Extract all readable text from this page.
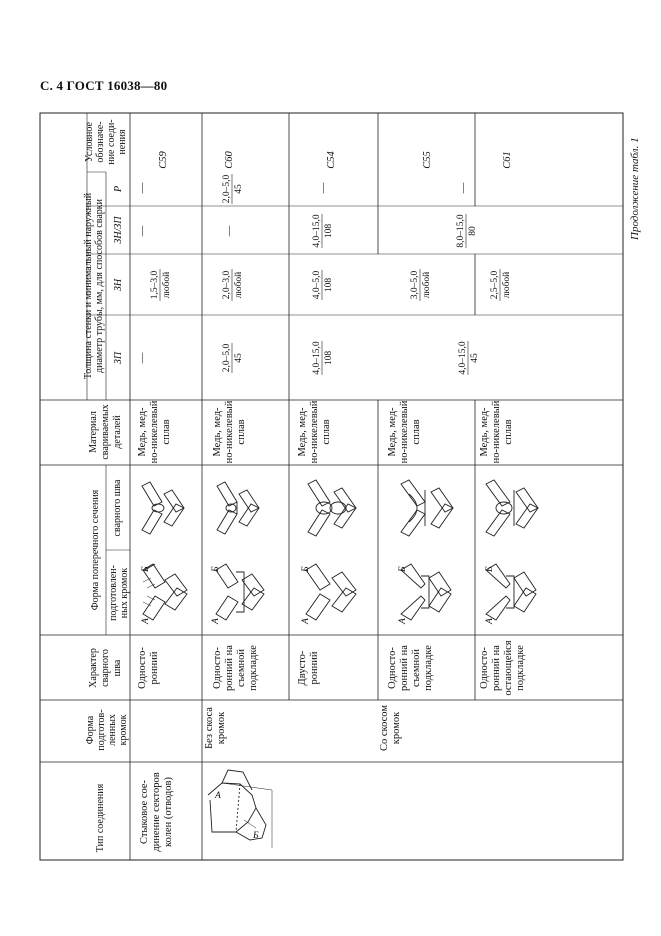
С. 4 ГОСТ 16038—80
Продолжение табл. 1
Тип соединения
Форма подготов- ленных кромок
Характер сварного шва
Форма поперечного сечения подготовлен- ных кромок
сварного шва
Материал свариваемых деталей
Толщина стенки и минимальный наружный диаметр трубы, мм, для способов сварки ЗП
ЗН
ЗН/ЗП
Р
Условное обозначе- ние соеди- нения
Стыковое сое- динение секторов колен (отводов)	А
Б
Без скоса кромок	Со скосом кромок
С59
—
—
—
1,5–3,0 любой
Медь, мед- но-никелевый сплав
Односто- ронний
С60
2,0–5,0 45
—
2,0–3,0 любой
2,0–5,0 45
Медь, мед- но-никелевый сплав
Односто- ронний на съемной подкладке
С54
—
4,0–15,0 108
4,0–5,0 108
4,0–15,0 108
Медь, мед- но-никелевый сплав
Двусто- ронний
С55
—
8,0–15,0 80
3,0–5,0 любой
4,0–15,0 45
Медь, мед- но-никелевый сплав
Односто- ронний на съемной подкладке
С61
2,5–5,0 любой
Медь, мед- но-никелевый сплав
Односто- ронний на остающейся подкладке
А
Б
А
Б
А
Б
А
Б
А
Б
